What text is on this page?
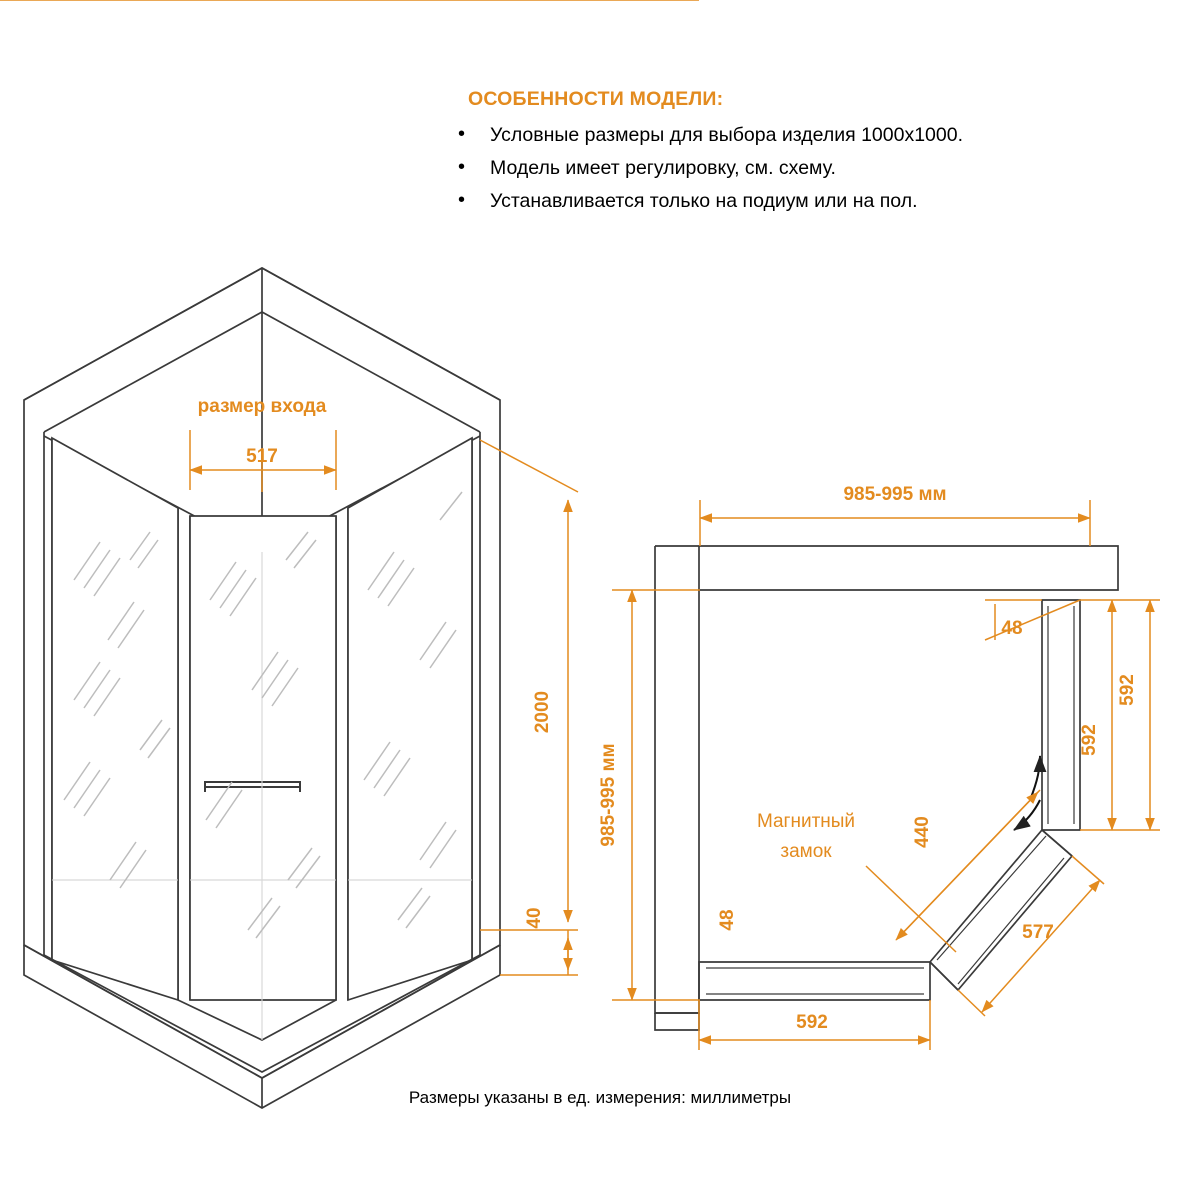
ОСОБЕННОСТИ МОДЕЛИ:
• Условные размеры для выбора изделия 1000х1000.
• Модель имеет регулировку, см. схему.
• Устанавливается только на подиум или на пол.
размер входа
517
2000
40
985-995 мм
985-995 мм
48
592
592
48
592
440
577
Магнитный
замок
Размеры указаны в ед. измерения: миллиметры
